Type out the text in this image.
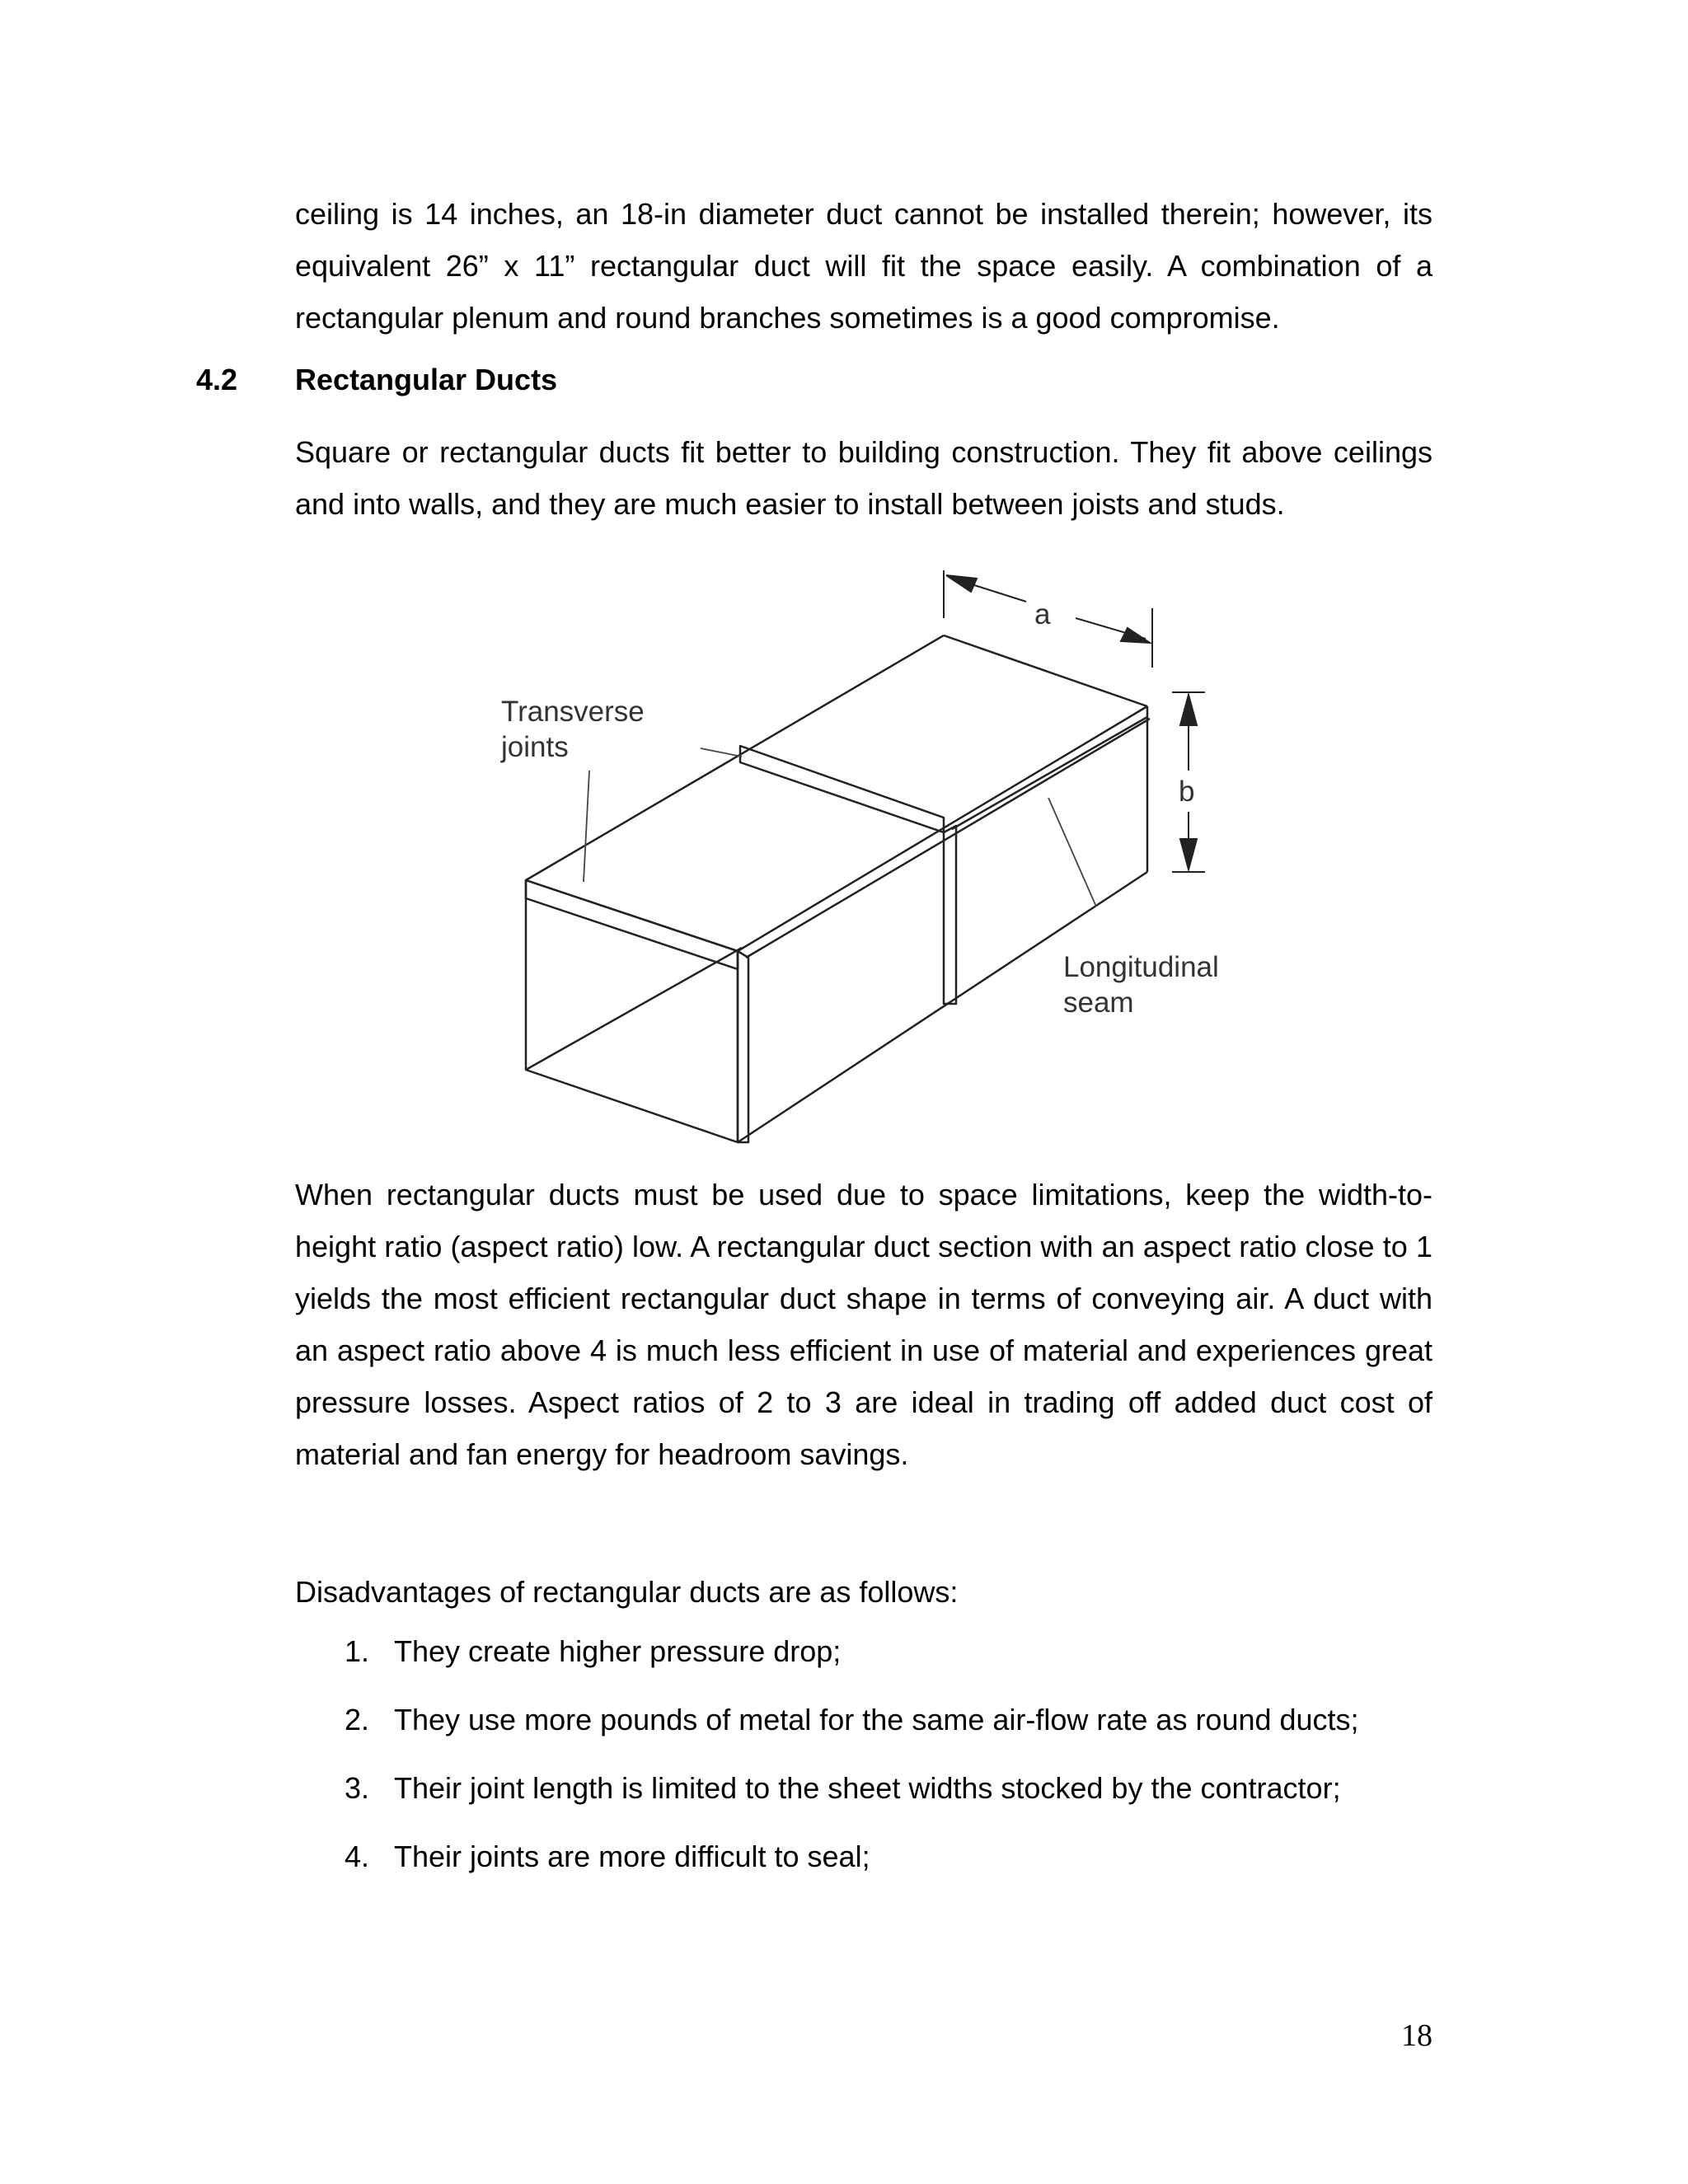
ceiling is 14 inches, an 18-in diameter duct cannot be installed therein; however, its equivalent 26” x 11” rectangular duct will fit the space easily. A combination of a rectangular plenum and round branches sometimes is a good compromise.

4.2 Rectangular Ducts

Square or rectangular ducts fit better to building construction. They fit above ceilings and into walls, and they are much easier to install between joists and studs.

a
b
Transverse
joints
Longitudinal
seam

When rectangular ducts must be used due to space limitations, keep the width-to-height ratio (aspect ratio) low. A rectangular duct section with an aspect ratio close to 1 yields the most efficient rectangular duct shape in terms of conveying air. A duct with an aspect ratio above 4 is much less efficient in use of material and experiences great pressure losses. Aspect ratios of 2 to 3 are ideal in trading off added duct cost of material and fan energy for headroom savings.

Disadvantages of rectangular ducts are as follows:

1. They create higher pressure drop;
2. They use more pounds of metal for the same air-flow rate as round ducts;
3. Their joint length is limited to the sheet widths stocked by the contractor;
4. Their joints are more difficult to seal;

18
